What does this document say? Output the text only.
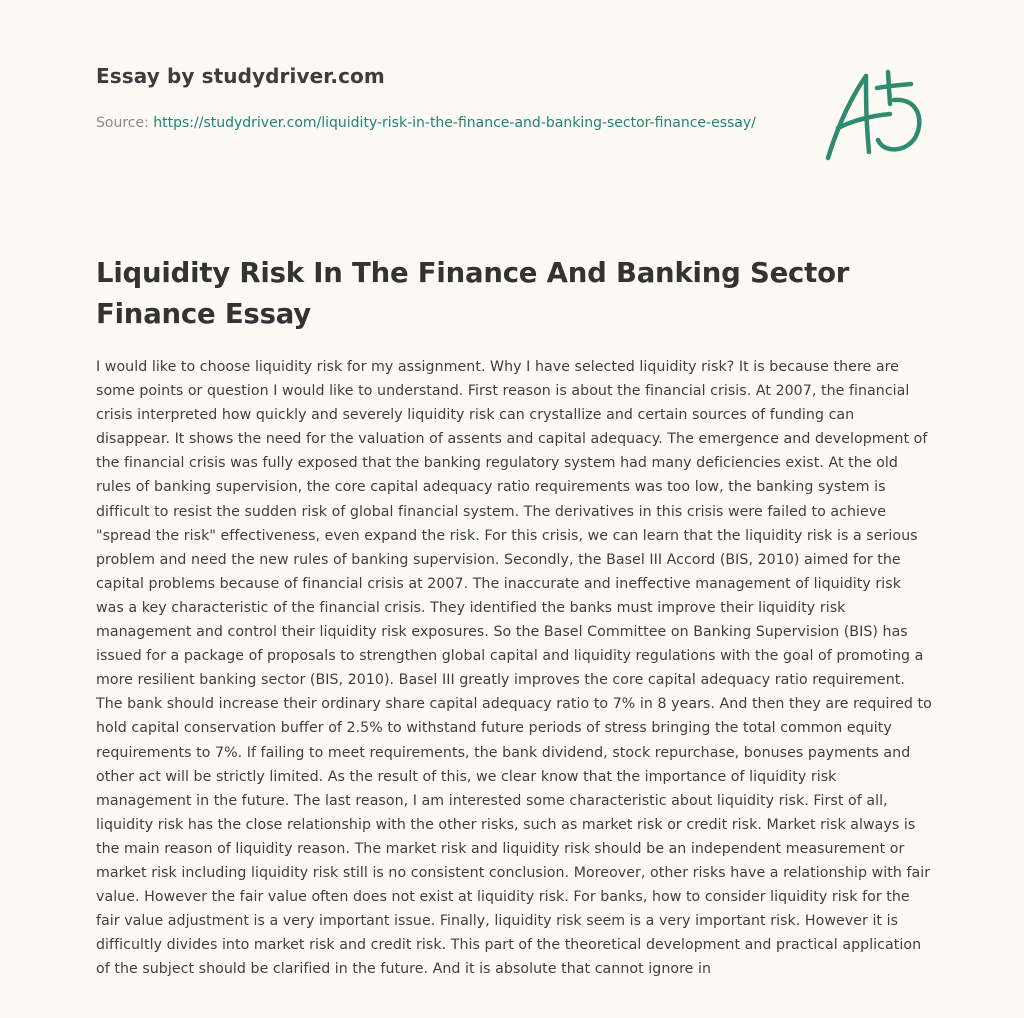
Essay by studydriver.com
Source: https://studydriver.com/liquidity-risk-in-the-finance-and-banking-sector-finance-essay/
Liquidity Risk In The Finance And Banking Sector Finance Essay

I would like to choose liquidity risk for my assignment. Why I have selected liquidity risk? It is because there are some points or question I would like to understand. First reason is about the financial crisis. At 2007, the financial crisis interpreted how quickly and severely liquidity risk can crystallize and certain sources of funding can disappear. It shows the need for the valuation of assents and capital adequacy. The emergence and development of the financial crisis was fully exposed that the banking regulatory system had many deficiencies exist. At the old rules of banking supervision, the core capital adequacy ratio requirements was too low, the banking system is difficult to resist the sudden risk of global financial system. The derivatives in this crisis were failed to achieve "spread the risk" effectiveness, even expand the risk. For this crisis, we can learn that the liquidity risk is a serious problem and need the new rules of banking supervision. Secondly, the Basel III Accord (BIS, 2010) aimed for the capital problems because of financial crisis at 2007. The inaccurate and ineffective management of liquidity risk was a key characteristic of the financial crisis. They identified the banks must improve their liquidity risk management and control their liquidity risk exposures. So the Basel Committee on Banking Supervision (BIS) has issued for a package of proposals to strengthen global capital and liquidity regulations with the goal of promoting a more resilient banking sector (BIS, 2010). Basel III greatly improves the core capital adequacy ratio requirement. The bank should increase their ordinary share capital adequacy ratio to 7% in 8 years. And then they are required to hold capital conservation buffer of 2.5% to withstand future periods of stress bringing the total common equity requirements to 7%. If failing to meet requirements, the bank dividend, stock repurchase, bonuses payments and other act will be strictly limited. As the result of this, we clear know that the importance of liquidity risk management in the future. The last reason, I am interested some characteristic about liquidity risk. First of all, liquidity risk has the close relationship with the other risks, such as market risk or credit risk. Market risk always is the main reason of liquidity reason. The market risk and liquidity risk should be an independent measurement or market risk including liquidity risk still is no consistent conclusion. Moreover, other risks have a relationship with fair value. However the fair value often does not exist at liquidity risk. For banks, how to consider liquidity risk for the fair value adjustment is a very important issue. Finally, liquidity risk seem is a very important risk. However it is difficultly divides into market risk and credit risk. This part of the theoretical development and practical application of the subject should be clarified in the future. And it is absolute that cannot ignore in
